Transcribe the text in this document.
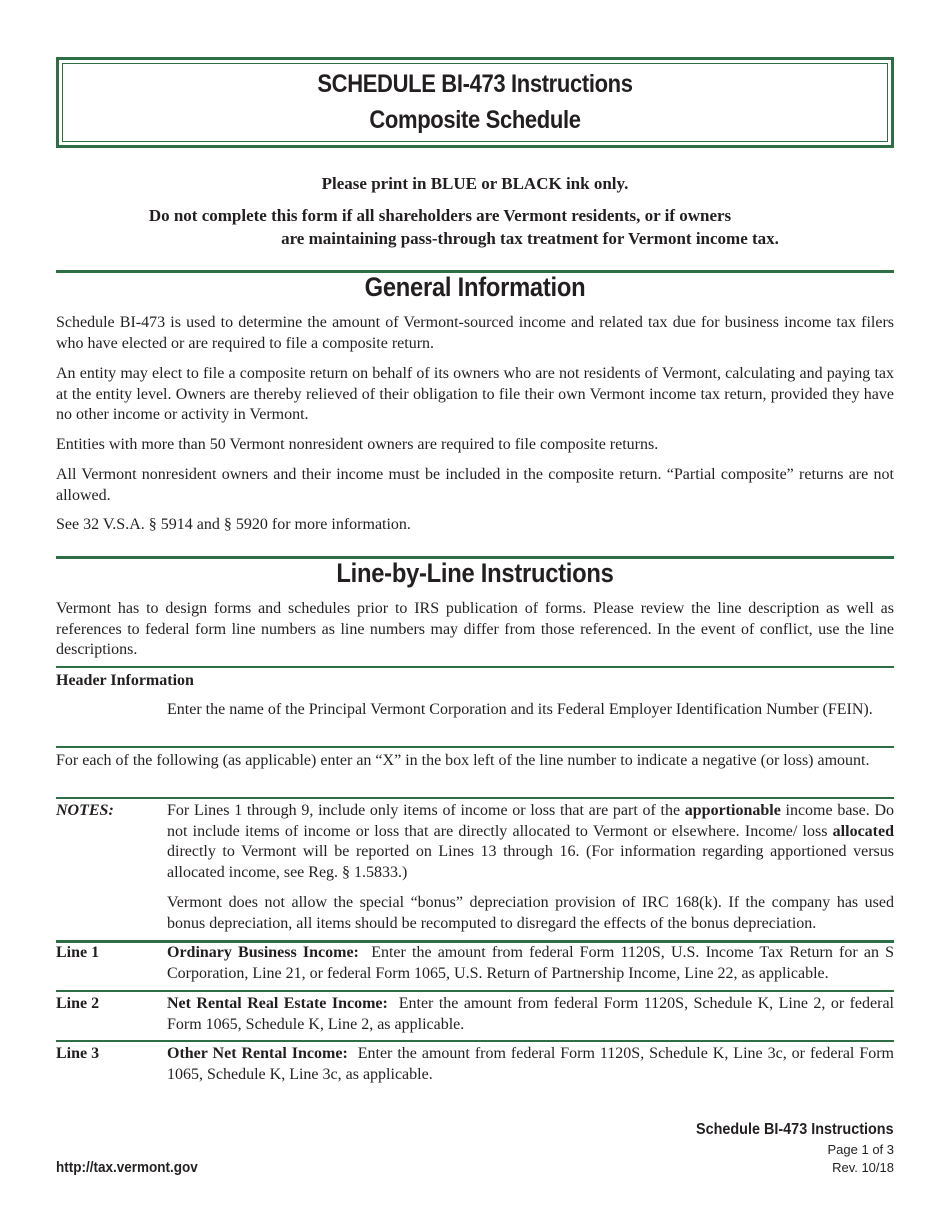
SCHEDULE BI-473 Instructions
Composite Schedule
Please print in BLUE or BLACK ink only.
Do not complete this form if all shareholders are Vermont residents, or if owners
are maintaining pass-through tax treatment for Vermont income tax.
General Information

Schedule BI-473 is used to determine the amount of Vermont-sourced income and related tax due for business income tax filers who have elected or are required to file a composite return.

An entity may elect to file a composite return on behalf of its owners who are not residents of Vermont, calculating and paying tax at the entity level. Owners are thereby relieved of their obligation to file their own Vermont income tax return, provided they have no other income or activity in Vermont.

Entities with more than 50 Vermont nonresident owners are required to file composite returns.

All Vermont nonresident owners and their income must be included in the composite return. “Partial composite” returns are not allowed.

See 32 V.S.A. § 5914 and § 5920 for more information.

Line-by-Line Instructions

Vermont has to design forms and schedules prior to IRS publication of forms. Please review the line description as well as references to federal form line numbers as line numbers may differ from those referenced. In the event of conflict, use the line descriptions.

Header Information

Enter the name of the Principal Vermont Corporation and its Federal Employer Identification Number (FEIN).

For each of the following (as applicable) enter an “X” in the box left of the line number to indicate a negative (or loss) amount.

NOTES:	For Lines 1 through 9, include only items of income or loss that are part of the apportionable income base. Do not include items of income or loss that are directly allocated to Vermont or elsewhere. Income/ loss allocated directly to Vermont will be reported on Lines 13 through 16. (For information regarding apportioned versus allocated income, see Reg. § 1.5833.)

Vermont does not allow the special “bonus” depreciation provision of IRC 168(k). If the company has used bonus depreciation, all items should be recomputed to disregard the effects of the bonus depreciation.

Line 1	Ordinary Business Income:  Enter the amount from federal Form 1120S, U.S. Income Tax Return for an S Corporation, Line 21, or federal Form 1065, U.S. Return of Partnership Income, Line 22, as applicable.

Line 2	Net Rental Real Estate Income:  Enter the amount from federal Form 1120S, Schedule K, Line 2, or federal Form 1065, Schedule K, Line 2, as applicable.

Line 3	Other Net Rental Income:  Enter the amount from federal Form 1120S, Schedule K, Line 3c, or federal Form 1065, Schedule K, Line 3c, as applicable.

Schedule BI-473 Instructions
Page 1 of 3
Rev. 10/18
http://tax.vermont.gov
